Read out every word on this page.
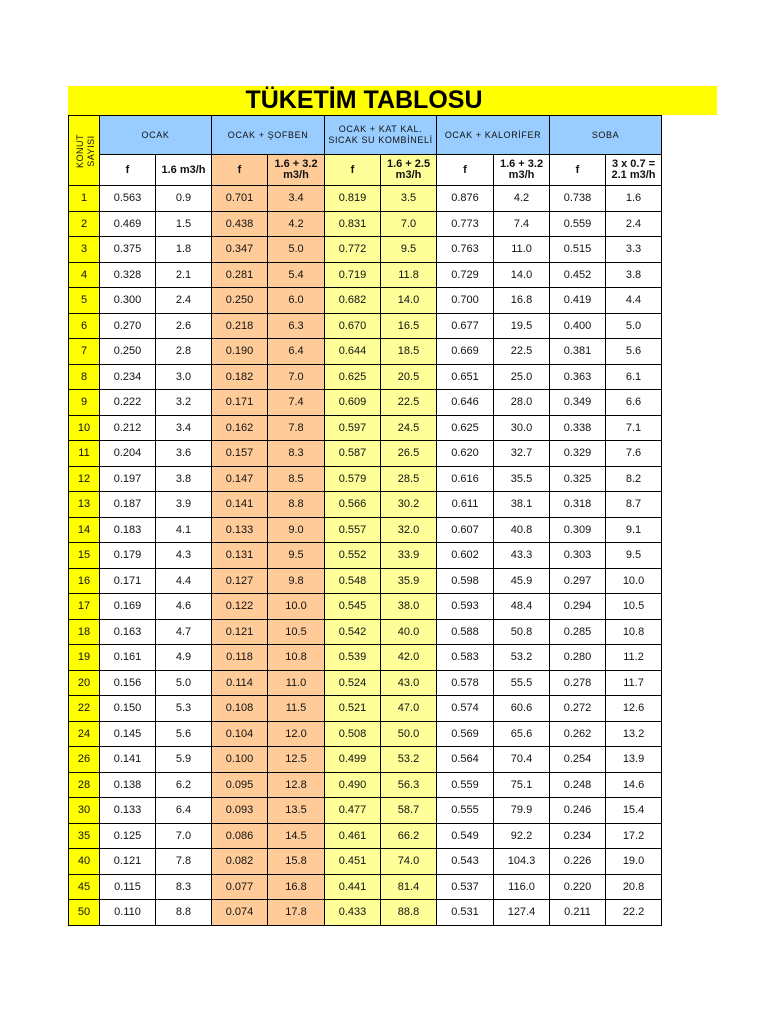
TÜKETİM TABLOSU
KONUT SAYISI	OCAK		OCAK + ŞOFBEN		OCAK + KAT KAL. SICAK SU KOMBİNELİ		OCAK + KALORİFER		SOBA	
	f	1.6 m3/h	f	1.6 + 3.2 m3/h	f	1.6 + 2.5 m3/h	f	1.6 + 3.2 m3/h	f	3 x 0.7 = 2.1 m3/h

1	0.563	0.9	0.701	3.4	0.819	3.5	0.876	4.2	0.738	1.6
2	0.469	1.5	0.438	4.2	0.831	7.0	0.773	7.4	0.559	2.4
3	0.375	1.8	0.347	5.0	0.772	9.5	0.763	11.0	0.515	3.3
4	0.328	2.1	0.281	5.4	0.719	11.8	0.729	14.0	0.452	3.8
5	0.300	2.4	0.250	6.0	0.682	14.0	0.700	16.8	0.419	4.4
6	0.270	2.6	0.218	6.3	0.670	16.5	0.677	19.5	0.400	5.0
7	0.250	2.8	0.190	6.4	0.644	18.5	0.669	22.5	0.381	5.6
8	0.234	3.0	0.182	7.0	0.625	20.5	0.651	25.0	0.363	6.1
9	0.222	3.2	0.171	7.4	0.609	22.5	0.646	28.0	0.349	6.6
10	0.212	3.4	0.162	7.8	0.597	24.5	0.625	30.0	0.338	7.1
11	0.204	3.6	0.157	8.3	0.587	26.5	0.620	32.7	0.329	7.6
12	0.197	3.8	0.147	8.5	0.579	28.5	0.616	35.5	0.325	8.2
13	0.187	3.9	0.141	8.8	0.566	30.2	0.611	38.1	0.318	8.7
14	0.183	4.1	0.133	9.0	0.557	32.0	0.607	40.8	0.309	9.1
15	0.179	4.3	0.131	9.5	0.552	33.9	0.602	43.3	0.303	9.5
16	0.171	4.4	0.127	9.8	0.548	35.9	0.598	45.9	0.297	10.0
17	0.169	4.6	0.122	10.0	0.545	38.0	0.593	48.4	0.294	10.5
18	0.163	4.7	0.121	10.5	0.542	40.0	0.588	50.8	0.285	10.8
19	0.161	4.9	0.118	10.8	0.539	42.0	0.583	53.2	0.280	11.2
20	0.156	5.0	0.114	11.0	0.524	43.0	0.578	55.5	0.278	11.7
22	0.150	5.3	0.108	11.5	0.521	47.0	0.574	60.6	0.272	12.6
24	0.145	5.6	0.104	12.0	0.508	50.0	0.569	65.6	0.262	13.2
26	0.141	5.9	0.100	12.5	0.499	53.2	0.564	70.4	0.254	13.9
28	0.138	6.2	0.095	12.8	0.490	56.3	0.559	75.1	0.248	14.6
30	0.133	6.4	0.093	13.5	0.477	58.7	0.555	79.9	0.246	15.4
35	0.125	7.0	0.086	14.5	0.461	66.2	0.549	92.2	0.234	17.2
40	0.121	7.8	0.082	15.8	0.451	74.0	0.543	104.3	0.226	19.0
45	0.115	8.3	0.077	16.8	0.441	81.4	0.537	116.0	0.220	20.8
50	0.110	8.8	0.074	17.8	0.433	88.8	0.531	127.4	0.211	22.2
